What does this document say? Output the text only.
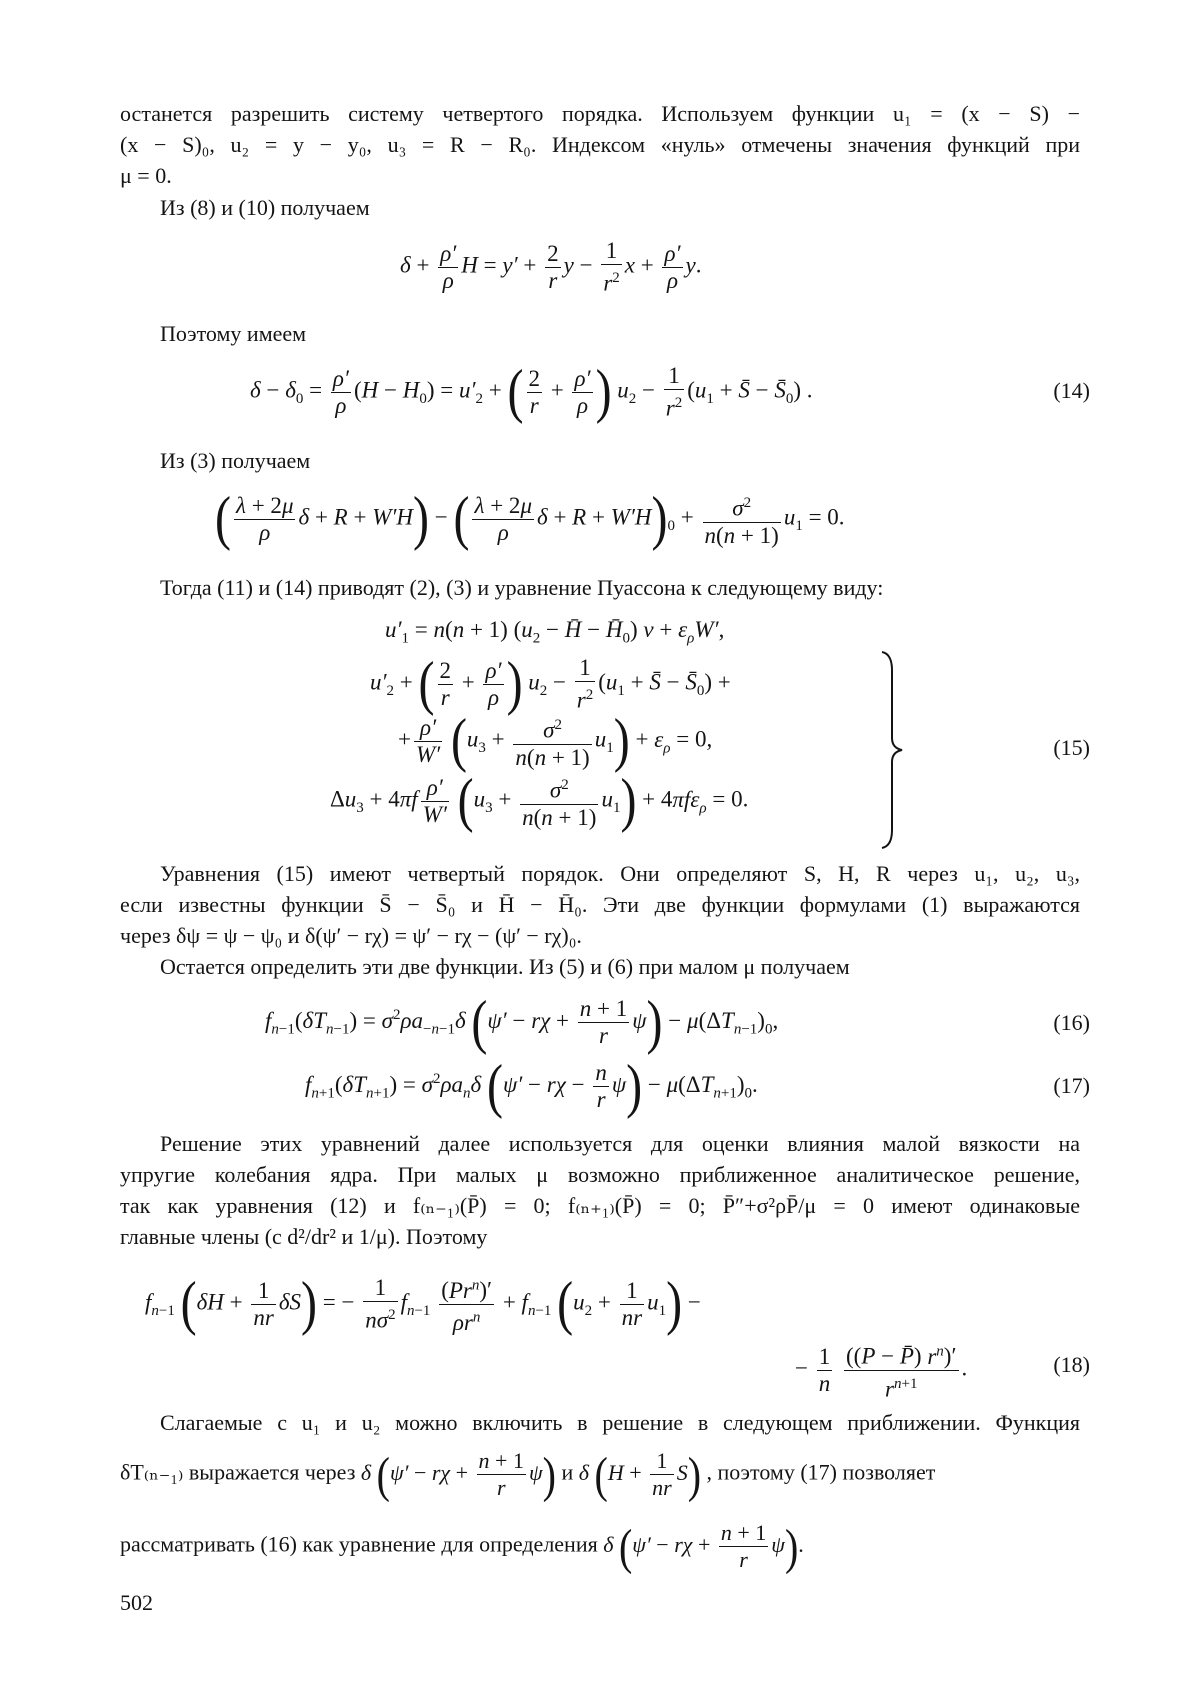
останется разрешить систему четвертого порядка. Используем функции u₁ = (x − S) −
(x − S)₀, u₂ = y − y₀, u₃ = R − R₀. Индексом «нуль» отмечены значения функций при
μ = 0.
Из (8) и (10) получаем
$\delta + \frac{\rho'}{\rho}$ $H = y' + \frac{2}{r}$ $y - \frac{1}{r^2}$ $x + \frac{\rho'}{\rho} y$.
Поэтому имеем
$\delta - \delta_0 = \frac{\rho'}{\rho} (H - H_0) = u'_2$ + ( $\frac{2}{r} + \frac{\rho'}{\rho}$ ) $u_2 - \frac{1}{r^2} (u_1$ + S̄ − $S̄_0$) .	(14)
Из (3) получаем
( $\frac{\lambda + 2\mu}{\rho}$ δ + R + W′H) − ( $\frac{\lambda + 2\mu}{\rho}$ $\delta + R + W'H)_0 + \frac{\sigma^2}{n(n + 1)} u_1 = 0$.
Тогда (11) и (14) приводят (2), (3) и уравнение Пуассона к следующему виду:
$u'_1 = n(n + 1) (u_2$ − H̄ − $H̄_0$) $\nu + \varepsilon_\rho W'$,
$u'_2$ + ( $\frac{2}{r} + \frac{\rho'}{\rho}$ ) $u_2 - \frac{1}{r^2} (u_1$ + S̄ − $S̄_0$) +
+ $\frac{\rho'}{W'} (u_3 + \frac{\sigma^2}{n(n + 1)} u_1) + \varepsilon_\rho = 0$,
$\Delta u_3 + 4\pi f \frac{\rho'}{W'} (u_3 + \frac{\sigma^2}{n(n + 1)} u_1) + 4\pi f\varepsilon_\rho = 0$.
(15)
Уравнения (15) имеют четвертый порядок. Они определяют S, H, R через u₁, u₂, u₃,
если известны функции S̄ − S̄₀ и H̄ − H̄₀. Эти две функции формулами (1) выражаются
через δψ = ψ − ψ₀ и δ(ψ′ − rχ) = ψ′ − rχ − (ψ′ − rχ)₀.
Остается определить эти две функции. Из (5) и (6) при малом μ получаем
$f_{n-1}(\delta T_{n-1}) = \sigma^2\rho a_{-n-1}\delta$ $(\psi' - r\chi + \frac{n + 1}{r} \psi) - \mu(\Delta T_{n-1})_0$,	(16)
$f_{n+1}(\delta T_{n+1}) = \sigma^2\rho a_n\delta$ $(\psi' - r\chi - \frac{n}{r} \psi) - \mu(\Delta T_{n+1})_0$.	(17)
Решение этих уравнений далее используется для оценки влияния малой вязкости на
упругие колебания ядра. При малых μ возможно приближенное аналитическое решение,
так как уравнения (12) и f₍ₙ₋₁₎(P̄) = 0; f₍ₙ₊₁₎(P̄) = 0; P̄″+σ²ρP̄/μ = 0 имеют одинаковые
главные члены (с d²/dr² и 1/μ). Поэтому
$f_{n-1}$ $(\delta H + \frac{1}{nr} \delta S)$ = − $\frac{1}{n\sigma^2} f_{n-1} \frac{(Pr^n)'}{\rho r^n} + f_{n-1}$ $(u_2 + \frac{1}{nr} u_1)$ −
− $\frac{1}{n}$
$\frac{((P - P̄) r^n)'}{r^{n+1}}$ .	(18)
Слагаемые с u₁ и u₂ можно включить в решение в следующем приближении. Функция
δT₍ₙ₋₁₎ выражается через δ $(\psi' - r\chi + \frac{n + 1}{r} \psi)$ и δ $(H + \frac{1}{nr} S)$ , поэтому (17) позволяет
рассматривать (16) как уравнение для определения δ $(\psi' - r\chi + \frac{n + 1}{r} \psi)$.
502
